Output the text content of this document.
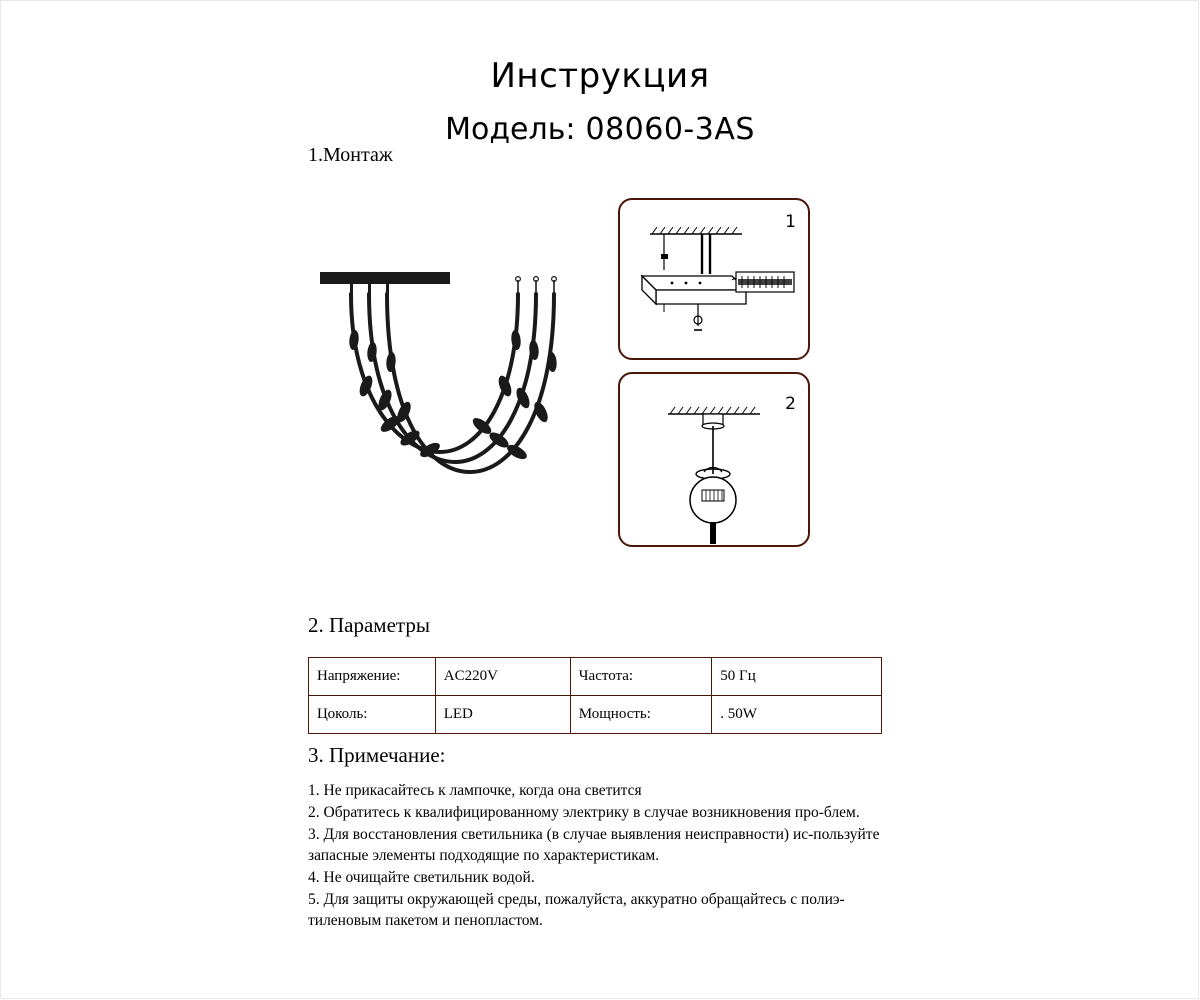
Инструкция
Модель: 08060-3AS
1.Монтаж
1
2
2. Параметры
Напряжение:	AC220V	Частота:	50 Гц
Цоколь:	LED	Мощность:	. 50W
3. Примечание:

1. Не прикасайтесь к лампочке, когда она светится

2. Обратитесь к квалифицированному электрику в случае возникновения про-блем.

3. Для восстановления светильника (в случае выявления неисправности) ис-пользуйте запасные элементы подходящие по характеристикам.

4. Не очищайте светильник водой.

5. Для защиты окружающей среды, пожалуйста, аккуратно обращайтесь с полиэ-тиленовым пакетом и пенопластом.
